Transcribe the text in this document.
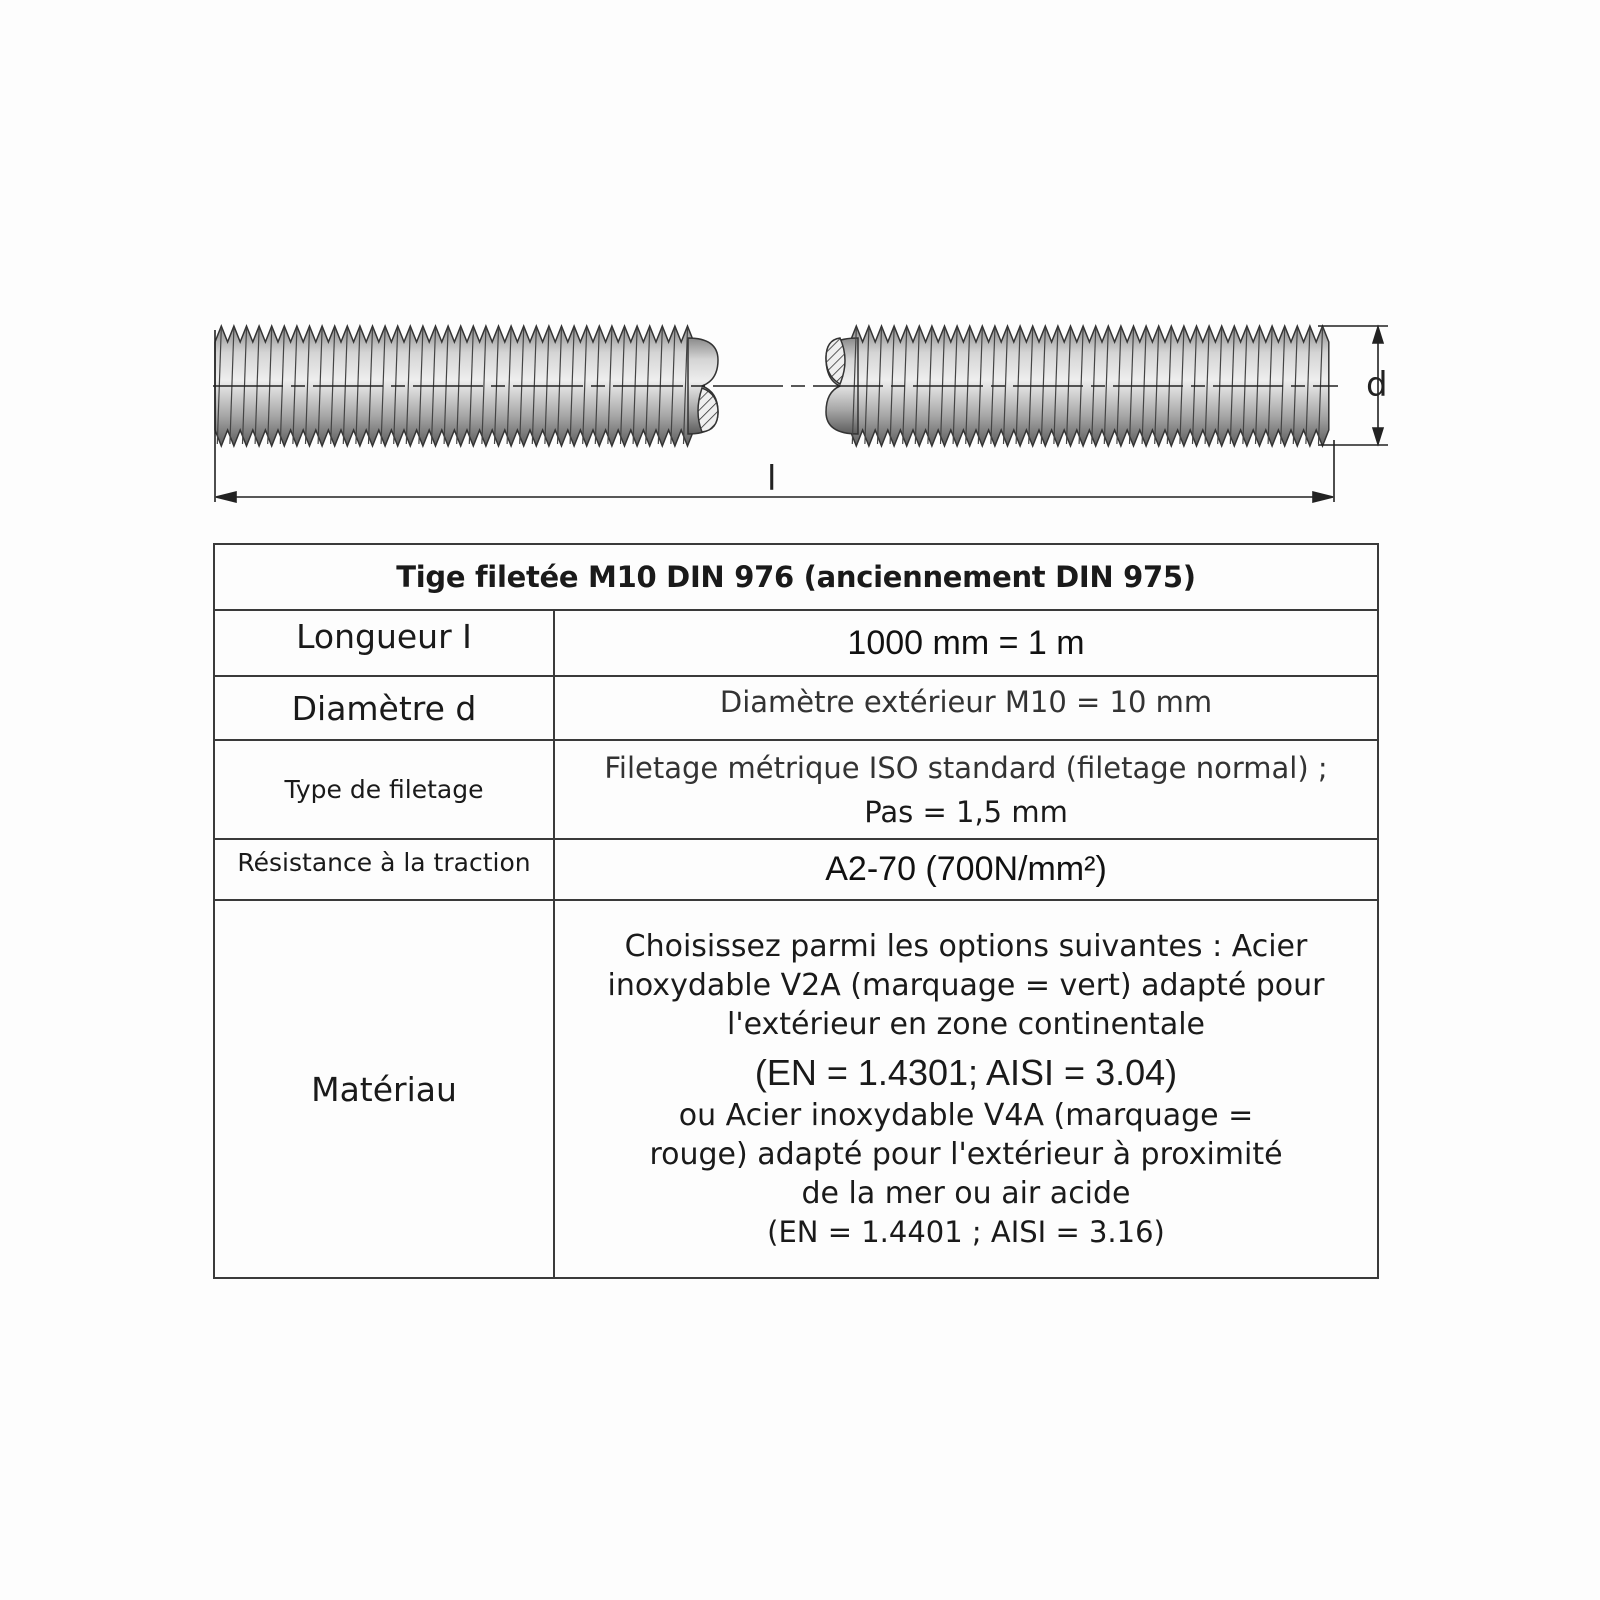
l
d
Tige filetée M10 DIN 976 (anciennement DIN 975)	
Longueur I	1000 mm = 1 m
Diamètre d	Diamètre extérieur M10 = 10 mm
Type de filetage	Filetage métrique ISO standard (filetage normal) ;
Pas = 1,5 mm

Résistance à la traction	A2-70 (700N/mm²)
Matériau	Choisissez parmi les options suivantes : Acier inoxydable V2A (marquage = vert) adapté pour l'extérieur en zone continentale
(EN = 1.4301; AISI = 3.04)
ou Acier inoxydable V4A (marquage = rouge) adapté pour l'extérieur à proximité de la mer ou air acide
(EN = 1.4401 ; AISI = 3.16)
